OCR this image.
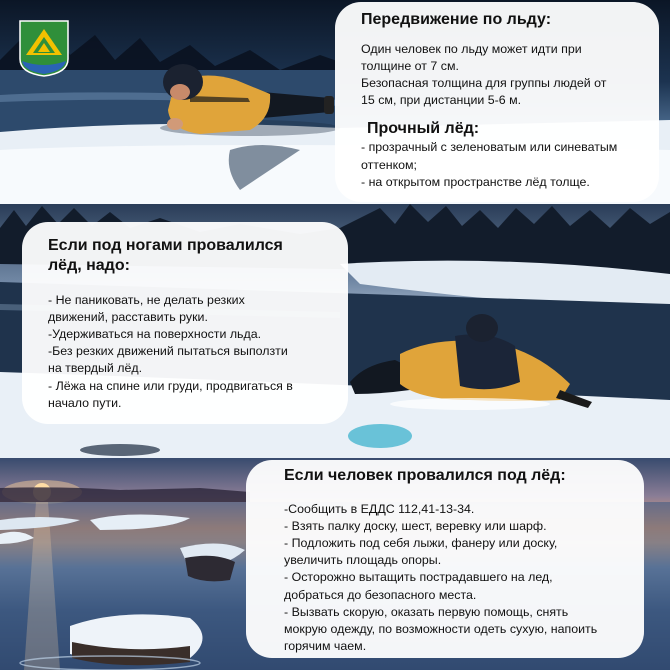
Передвижение по льду:

Один человек по льду может идти при

толщине от 7 см.

Безопасная толщина для группы людей от

15 см, при дистанции 5-6 м.

Прочный лёд:

- прозрачный с зеленоватым или синеватым

оттенком;

- на открытом пространстве лёд толще.

Если под ногами провалился
лёд, надо:

- Не паниковать, не делать резких

движений, расставить руки.

-Удерживаться на поверхности льда.

-Без резких движений пытаться выползти

на твердый лёд.

- Лёжа на спине или груди, продвигаться в

начало пути.

Если человек провалился под лёд:

-Сообщить в ЕДДС 112,41-13-34.

- Взять палку доску, шест, веревку или шарф.

- Подложить под себя лыжи, фанеру или доску,

увеличить площадь опоры.

- Осторожно вытащить пострадавшего на лед,

добраться до безопасного места.

- Вызвать скорую, оказать первую помощь, снять

мокрую одежду, по возможности одеть сухую, напоить

горячим чаем.
